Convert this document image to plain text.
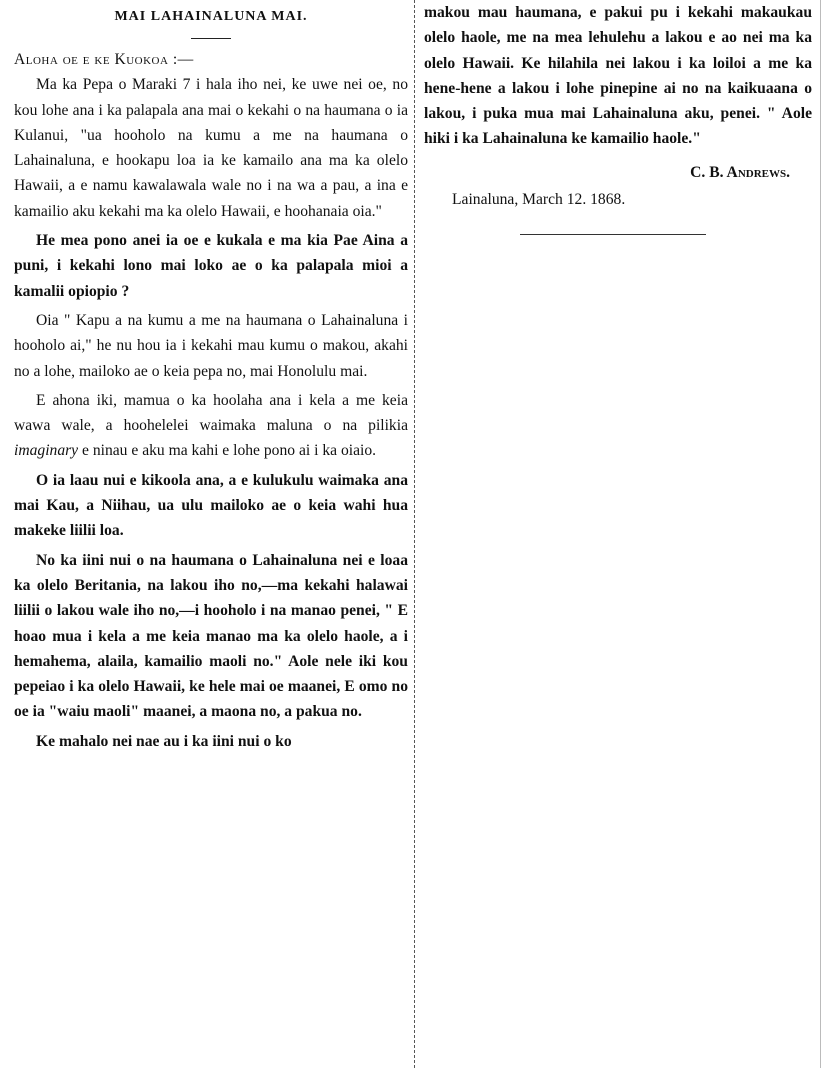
MAI LAHAINALUNA MAI.
Aloha oe e ke Kuokoa :—

Ma ka Pepa o Maraki 7 i hala iho nei, ke uwe nei oe, no kou lohe ana i ka palapala ana mai o kekahi o na haumana o ia Kulanui, "ua hooholo na kumu a me na haumana o Lahainaluna, e hookapu loa ia ke kamailo ana ma ka olelo Hawaii, a e namu kawalawala wale no i na wa a pau, a ina e kamailio aku kekahi ma ka olelo Hawaii, e hoohanaia oia."

He mea pono anei ia oe e kukala e ma kia Pae Aina a puni, i kekahi lono mai loko ae o ka palapala mioi a kamalii opiopio ?

Oia " Kapu a na kumu a me na haumana o Lahainaluna i hooholo ai," he nu hou ia i kekahi mau kumu o makou, akahi no a lohe, mailoko ae o keia pepa no, mai Honolulu mai.

E ahona iki, mamua o ka hoolaha ana i kela a me keia wawa wale, a hoohelelei waimaka maluna o na pilikia imaginary e ninau e aku ma kahi e lohe pono ai i ka oiaio.

O ia laau nui e kikoola ana, a e kulukulu waimaka ana mai Kau, a Niihau, ua ulu mailoko ae o keia wahi hua makeke liilii loa.

No ka iini nui o na haumana o Lahainaluna nei e loaa ka olelo Beritania, na lakou iho no,—ma kekahi halawai liilii o lakou wale iho no,—i hooholo i na manao penei, " E hoao mua i kela a me keia manao ma ka olelo haole, a i hemahema, alaila, kamailio maoli no." Aole nele iki kou pepeiao i ka olelo Hawaii, ke hele mai oe maanei, E omo no oe ia "waiu maoli" maanei, a maona no, a pakua no.

Ke mahalo nei nae au i ka iini nui o ko

makou mau haumana, e pakui pu i kekahi makaukau olelo haole, me na mea lehulehu a lakou e ao nei ma ka olelo Hawaii. Ke hilahila nei lakou i ka loiloi a me ka hene-hene a lakou i lohe pinepine ai no na kaikuaana o lakou, i puka mua mai Lahainaluna aku, penei. " Aole hiki i ka Lahainaluna ke kamailio haole."

C. B. Andrews.
Lainaluna, March 12. 1868.
